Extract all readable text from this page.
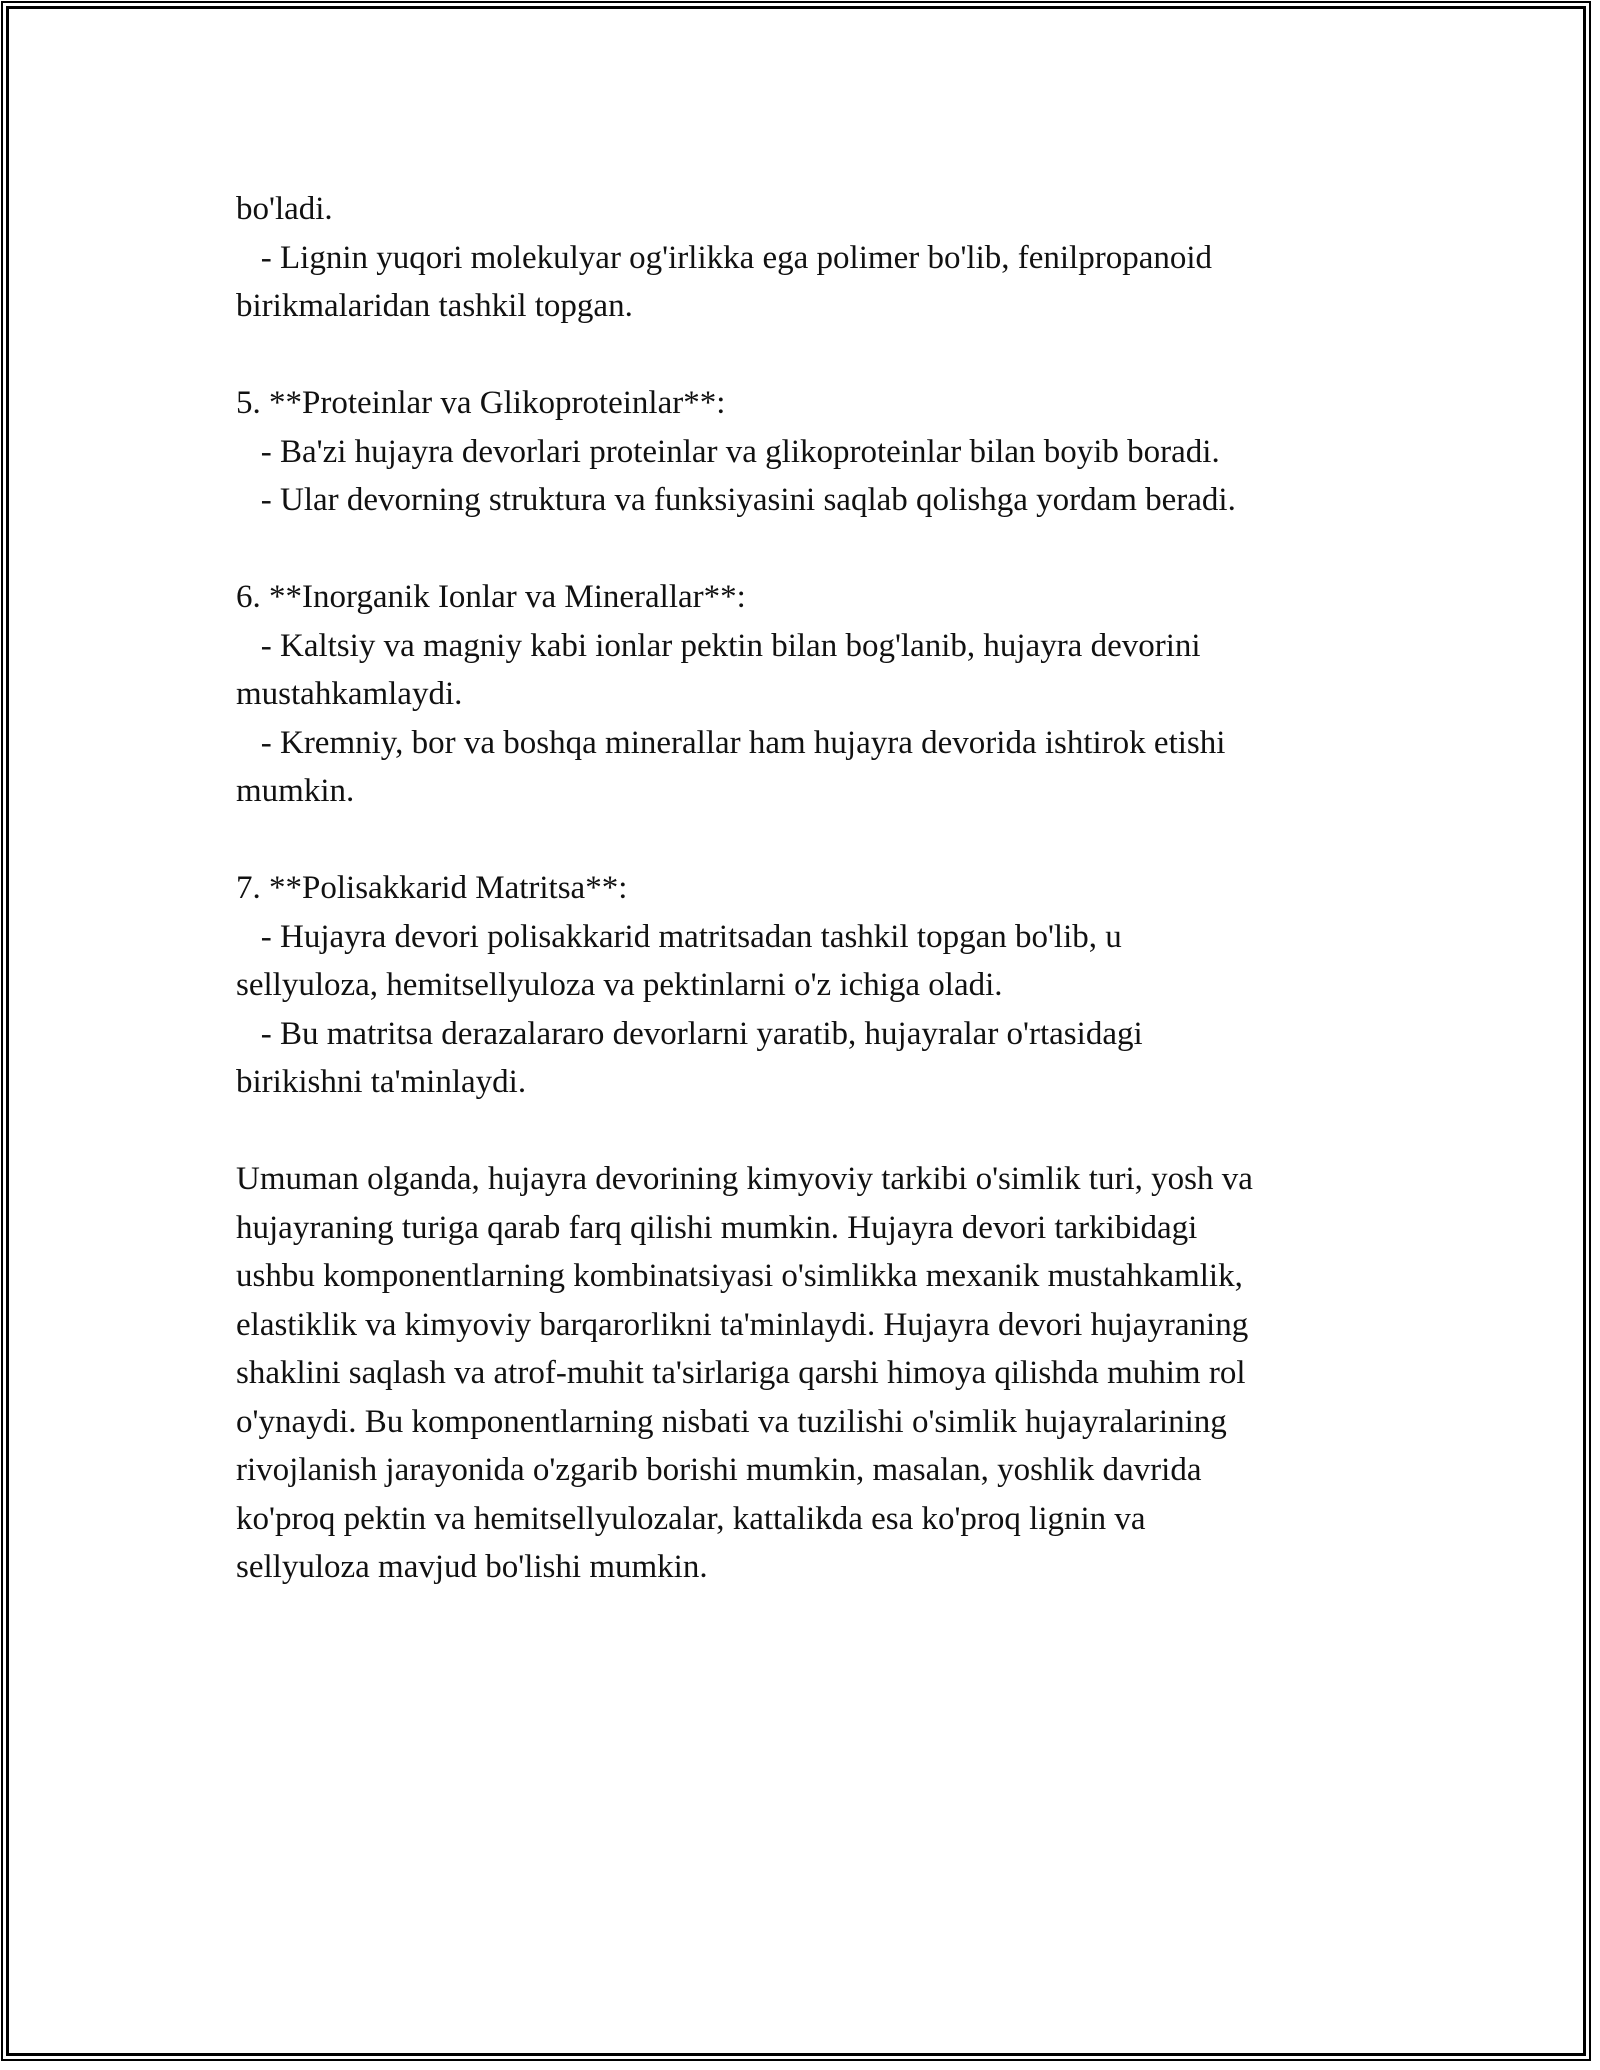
bo'ladi.
- Lignin yuqori molekulyar og'irlikka ega polimer bo'lib, fenilpropanoid
birikmalaridan tashkil topgan.
5. **Proteinlar va Glikoproteinlar**:
- Ba'zi hujayra devorlari proteinlar va glikoproteinlar bilan boyib boradi.
- Ular devorning struktura va funksiyasini saqlab qolishga yordam beradi.
6. **Inorganik Ionlar va Minerallar**:
- Kaltsiy va magniy kabi ionlar pektin bilan bog'lanib, hujayra devorini
mustahkamlaydi.
- Kremniy, bor va boshqa minerallar ham hujayra devorida ishtirok etishi
mumkin.
7. **Polisakkarid Matritsa**:
- Hujayra devori polisakkarid matritsadan tashkil topgan bo'lib, u
sellyuloza, hemitsellyuloza va pektinlarni o'z ichiga oladi.
- Bu matritsa derazalararo devorlarni yaratib, hujayralar o'rtasidagi
birikishni ta'minlaydi.
Umuman olganda, hujayra devorining kimyoviy tarkibi o'simlik turi, yosh va
hujayraning turiga qarab farq qilishi mumkin. Hujayra devori tarkibidagi
ushbu komponentlarning kombinatsiyasi o'simlikka mexanik mustahkamlik,
elastiklik va kimyoviy barqarorlikni ta'minlaydi. Hujayra devori hujayraning
shaklini saqlash va atrof-muhit ta'sirlariga qarshi himoya qilishda muhim rol
o'ynaydi. Bu komponentlarning nisbati va tuzilishi o'simlik hujayralarining
rivojlanish jarayonida o'zgarib borishi mumkin, masalan, yoshlik davrida
ko'proq pektin va hemitsellyulozalar, kattalikda esa ko'proq lignin va
sellyuloza mavjud bo'lishi mumkin.
